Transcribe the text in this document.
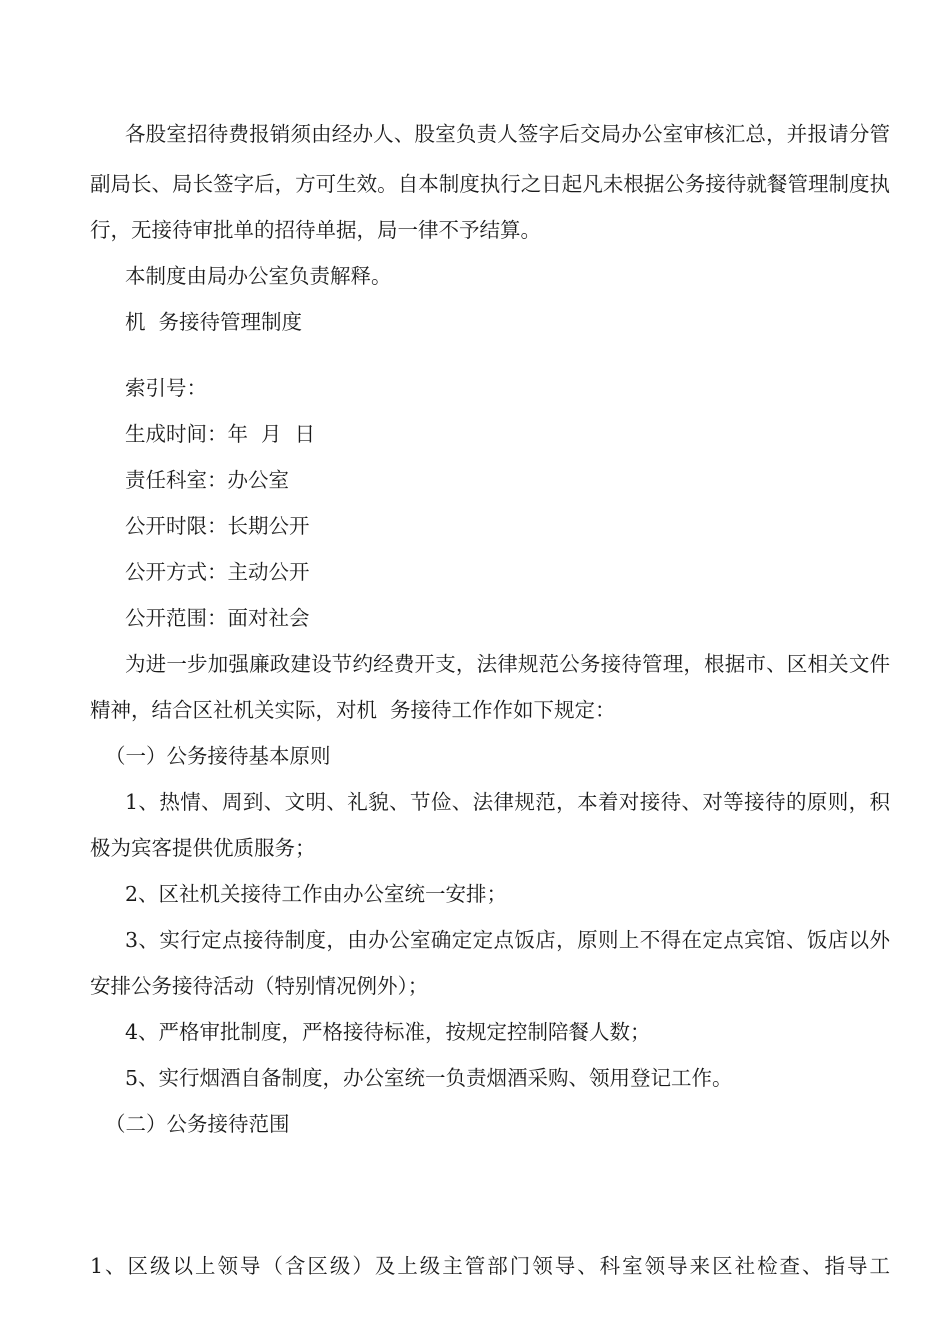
各股室招待费报销须由经办人、股室负责人签字后交局办公室审核汇总，并报请分管
副局长、局长签字后，方可生效。自本制度执行之日起凡未根据公务接待就餐管理制度执
行，无接待审批单的招待单据，局一律不予结算。
本制度由局办公室负责解释。
机  务接待管理制度
索引号：
生成时间：年  月  日
责任科室：办公室
公开时限：长期公开
公开方式：主动公开
公开范围：面对社会
为进一步加强廉政建设节约经费开支，法律规范公务接待管理，根据市、区相关文件
精神，结合区社机关实际，对机  务接待工作作如下规定：
（一）公务接待基本原则
1、热情、周到、文明、礼貌、节俭、法律规范，本着对接待、对等接待的原则，积
极为宾客提供优质服务；
2、区社机关接待工作由办公室统一安排；
3、实行定点接待制度，由办公室确定定点饭店，原则上不得在定点宾馆、饭店以外
安排公务接待活动（特别情况例外）；
4、严格审批制度，严格接待标准，按规定控制陪餐人数；
5、实行烟酒自备制度，办公室统一负责烟酒采购、领用登记工作。
（二）公务接待范围
1、区级以上领导（含区级）及上级主管部门领导、科室领导来区社检查、指导工
